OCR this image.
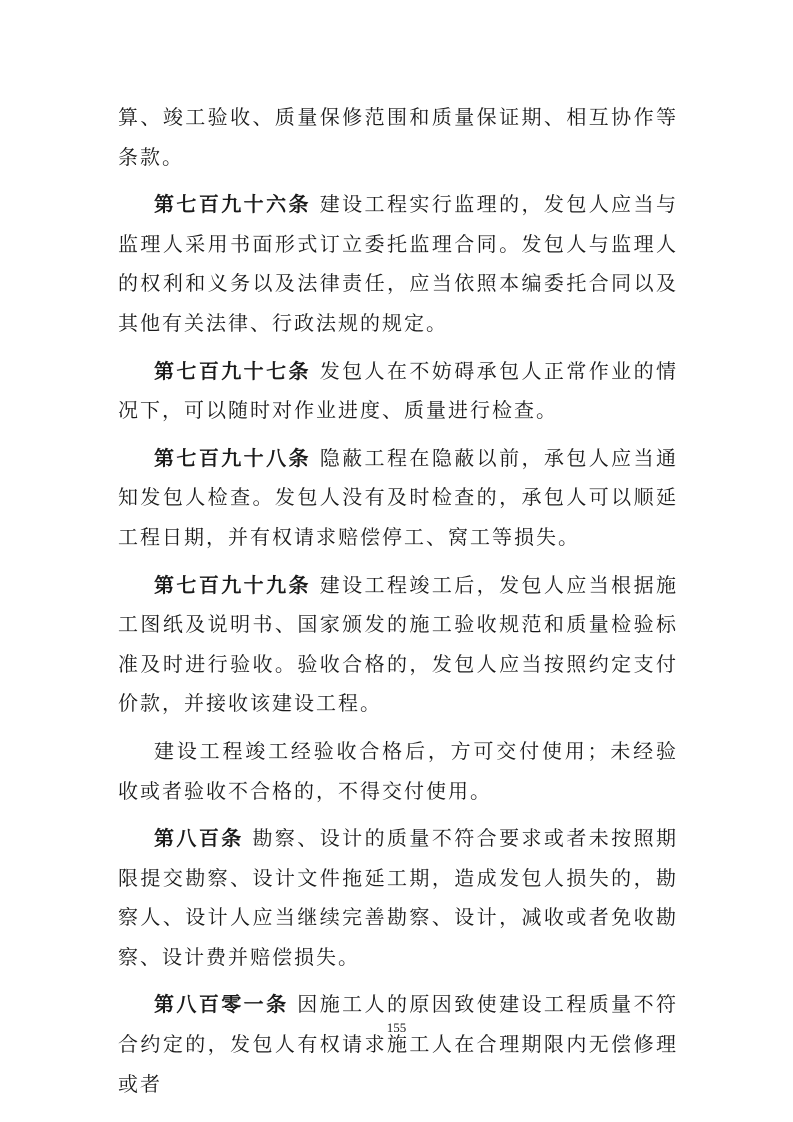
算、竣工验收、质量保修范围和质量保证期、相互协作等条款。

第七百九十六条 建设工程实行监理的，发包人应当与监理人采用书面形式订立委托监理合同。发包人与监理人的权利和义务以及法律责任，应当依照本编委托合同以及其他有关法律、行政法规的规定。

第七百九十七条 发包人在不妨碍承包人正常作业的情况下，可以随时对作业进度、质量进行检查。

第七百九十八条 隐蔽工程在隐蔽以前，承包人应当通知发包人检查。发包人没有及时检查的，承包人可以顺延工程日期，并有权请求赔偿停工、窝工等损失。

第七百九十九条 建设工程竣工后，发包人应当根据施工图纸及说明书、国家颁发的施工验收规范和质量检验标准及时进行验收。验收合格的，发包人应当按照约定支付价款，并接收该建设工程。

建设工程竣工经验收合格后，方可交付使用；未经验收或者验收不合格的，不得交付使用。

第八百条 勘察、设计的质量不符合要求或者未按照期限提交勘察、设计文件拖延工期，造成发包人损失的，勘察人、设计人应当继续完善勘察、设计，减收或者免收勘察、设计费并赔偿损失。

第八百零一条 因施工人的原因致使建设工程质量不符合约定的，发包人有权请求施工人在合理期限内无偿修理或者

155
